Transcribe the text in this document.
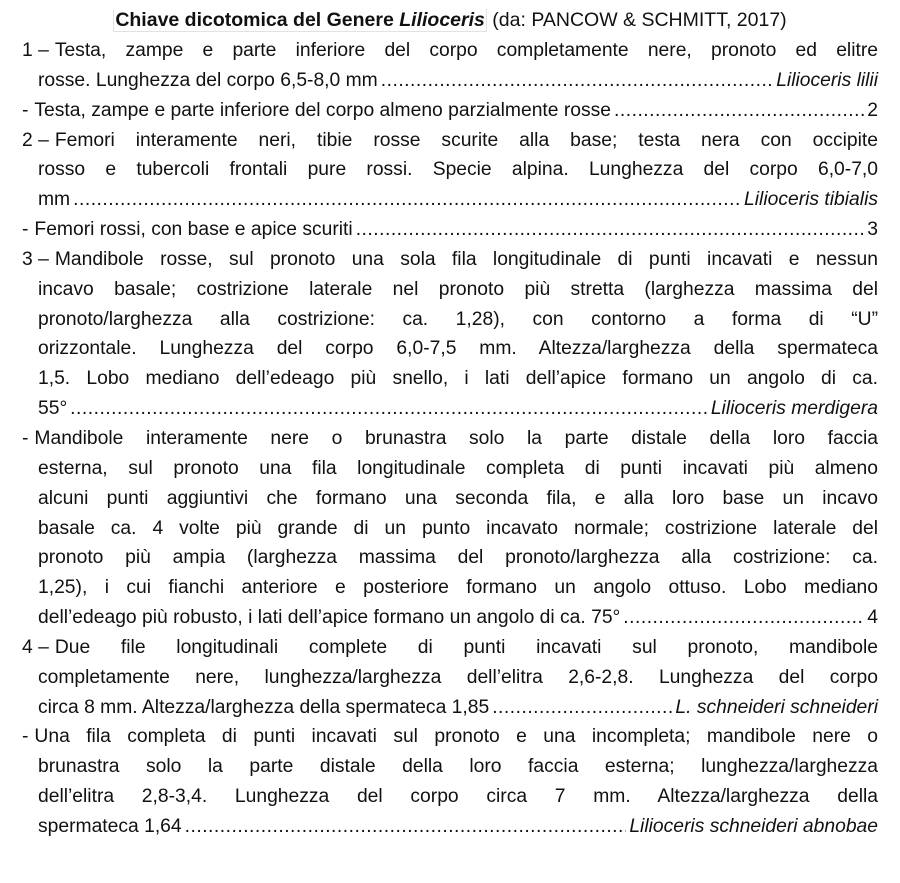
Chiave dicotomica del Genere Lilioceris (da: PANCOW & SCHMITT, 2017)
1 – Testa, zampe e parte inferiore del corpo completamente nere, pronoto ed elitre
rosse. Lunghezza del corpo 6,5-8,0 mm .....	Lilioceris lilii
- Testa, zampe e parte inferiore del corpo almeno parzialmente rosse .....	2
2 – Femori interamente neri, tibie rosse scurite alla base; testa nera con occipite
rosso e tubercoli frontali pure rossi. Specie alpina. Lunghezza del corpo 6,0-7,0
mm .....	Lilioceris tibialis
- Femori rossi, con base e apice scuriti .....	3
3 – Mandibole rosse, sul pronoto una sola fila longitudinale di punti incavati e nessun
incavo basale; costrizione laterale nel pronoto più stretta (larghezza massima del
pronoto/larghezza alla costrizione: ca. 1,28), con contorno a forma di “U”
orizzontale. Lunghezza del corpo 6,0-7,5 mm. Altezza/larghezza della spermateca
1,5. Lobo mediano dell’edeago più snello, i lati dell’apice formano un angolo di ca.
55° .....	Lilioceris merdigera
- Mandibole interamente nere o brunastra solo la parte distale della loro faccia
esterna, sul pronoto una fila longitudinale completa di punti incavati più almeno
alcuni punti aggiuntivi che formano una seconda fila, e alla loro base un incavo
basale ca. 4 volte più grande di un punto incavato normale; costrizione laterale del
pronoto più ampia (larghezza massima del pronoto/larghezza alla costrizione: ca.
1,25), i cui fianchi anteriore e posteriore formano un angolo ottuso. Lobo mediano
dell’edeago più robusto, i lati dell’apice formano un angolo di ca. 75° .....	4
4 – Due file longitudinali complete di punti incavati sul pronoto, mandibole
completamente nere, lunghezza/larghezza dell’elitra 2,6-2,8. Lunghezza del corpo
circa 8 mm. Altezza/larghezza della spermateca 1,85 .....	L. schneideri schneideri
- Una fila completa di punti incavati sul pronoto e una incompleta; mandibole nere o
brunastra solo la parte distale della loro faccia esterna; lunghezza/larghezza
dell’elitra 2,8-3,4. Lunghezza del corpo circa 7 mm. Altezza/larghezza della
spermateca 1,64 .....	Lilioceris schneideri abnobae
